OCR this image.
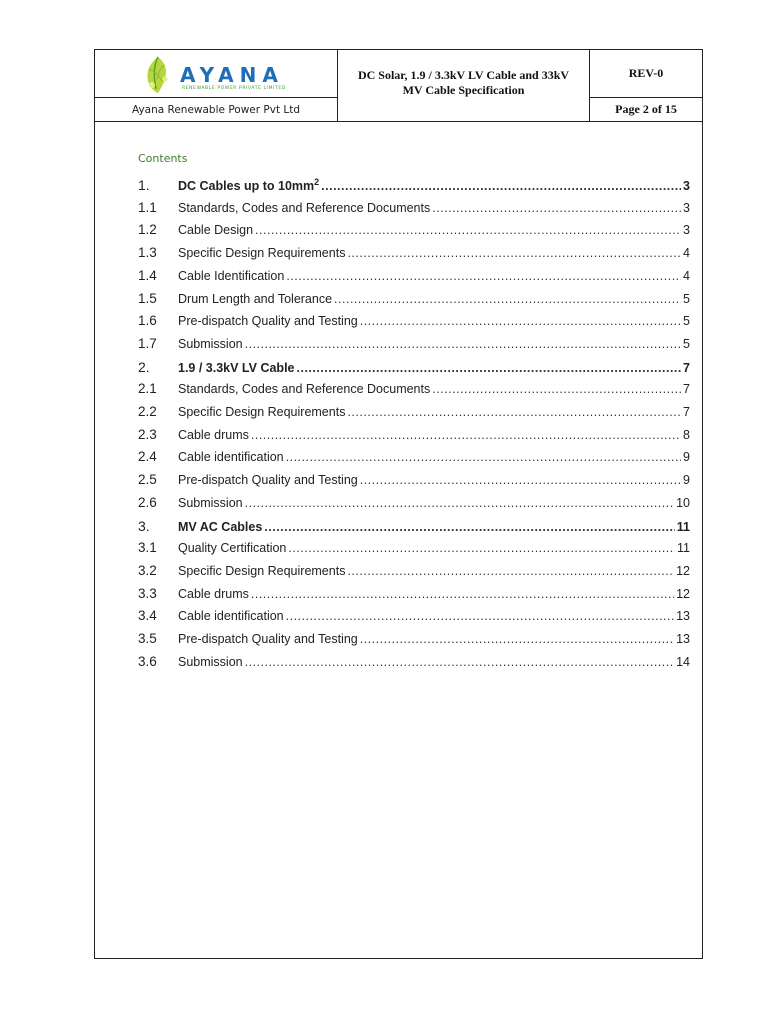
AYANA
RENEWABLE POWER PRIVATE LIMITED
Ayana Renewable Power Pvt Ltd
DC Solar, 1.9 / 3.3kV LV Cable and 33kV
MV Cable Specification
REV-0
Page 2 of 15
Contents
1.	DC Cables up to $10mm^2$ .....	3
1.1	Standards, Codes and Reference Documents .....	3
1.2	Cable Design .....	3
1.3	Specific Design Requirements .....	4
1.4	Cable Identification .....	4
1.5	Drum Length and Tolerance .....	5
1.6	Pre-dispatch Quality and Testing .....	5
1.7	Submission .....	5
2.	1.9 / 3.3kV LV Cable .....	7
2.1	Standards, Codes and Reference Documents .....	7
2.2	Specific Design Requirements .....	7
2.3	Cable drums .....	8
2.4	Cable identification .....	9
2.5	Pre-dispatch Quality and Testing .....	9
2.6	Submission .....	10
3.	MV AC Cables .....	11
3.1	Quality Certification .....	11
3.2	Specific Design Requirements .....	12
3.3	Cable drums .....	12
3.4	Cable identification .....	13
3.5	Pre-dispatch Quality and Testing .....	13
3.6	Submission .....	14
